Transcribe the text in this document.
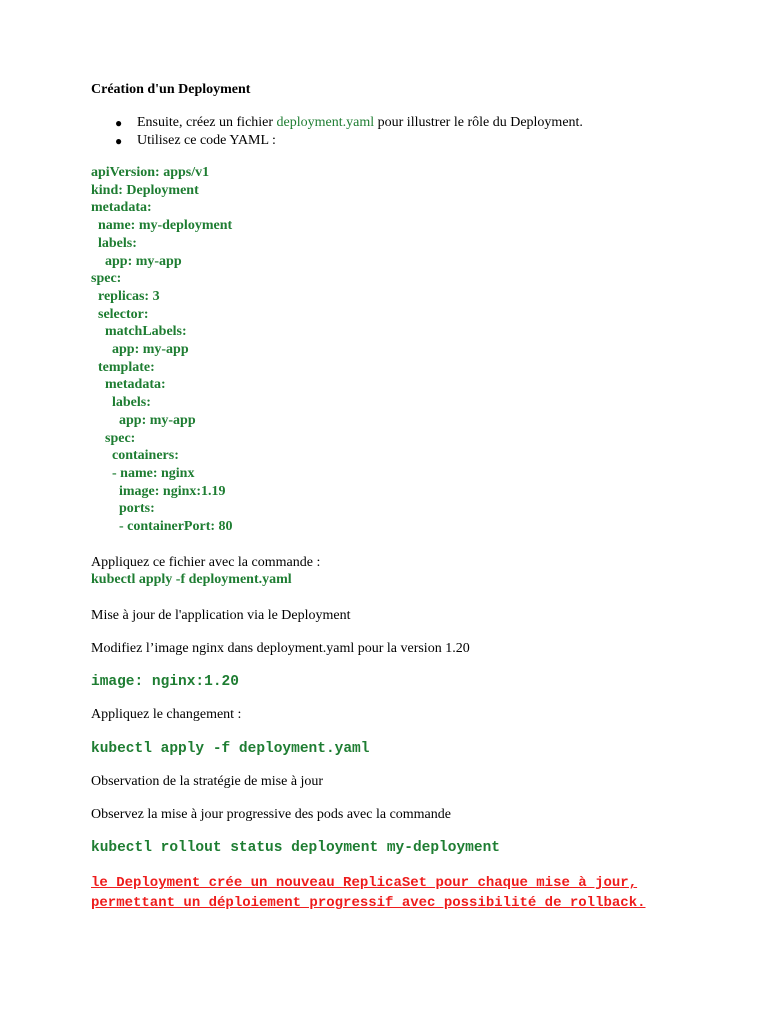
Création d'un Deployment
● Ensuite, créez un fichier deployment.yaml pour illustrer le rôle du Deployment.
● Utilisez ce code YAML :
apiVersion: apps/v1
kind: Deployment
metadata:
name: my-deployment
labels:
app: my-app
spec:
replicas: 3
selector:
matchLabels:
app: my-app
template:
metadata:
labels:
app: my-app
spec:
containers:
- name: nginx
image: nginx:1.19
ports:
- containerPort: 80
Appliquez ce fichier avec la commande :
kubectl apply -f deployment.yaml
Mise à jour de l'application via le Deployment
Modifiez l’image nginx dans deployment.yaml pour la version 1.20
image: nginx:1.20
Appliquez le changement :
kubectl apply -f deployment.yaml
Observation de la stratégie de mise à jour
Observez la mise à jour progressive des pods avec la commande
kubectl rollout status deployment my-deployment
le Deployment crée un nouveau ReplicaSet pour chaque mise à jour,
permettant un déploiement progressif avec possibilité de rollback.
